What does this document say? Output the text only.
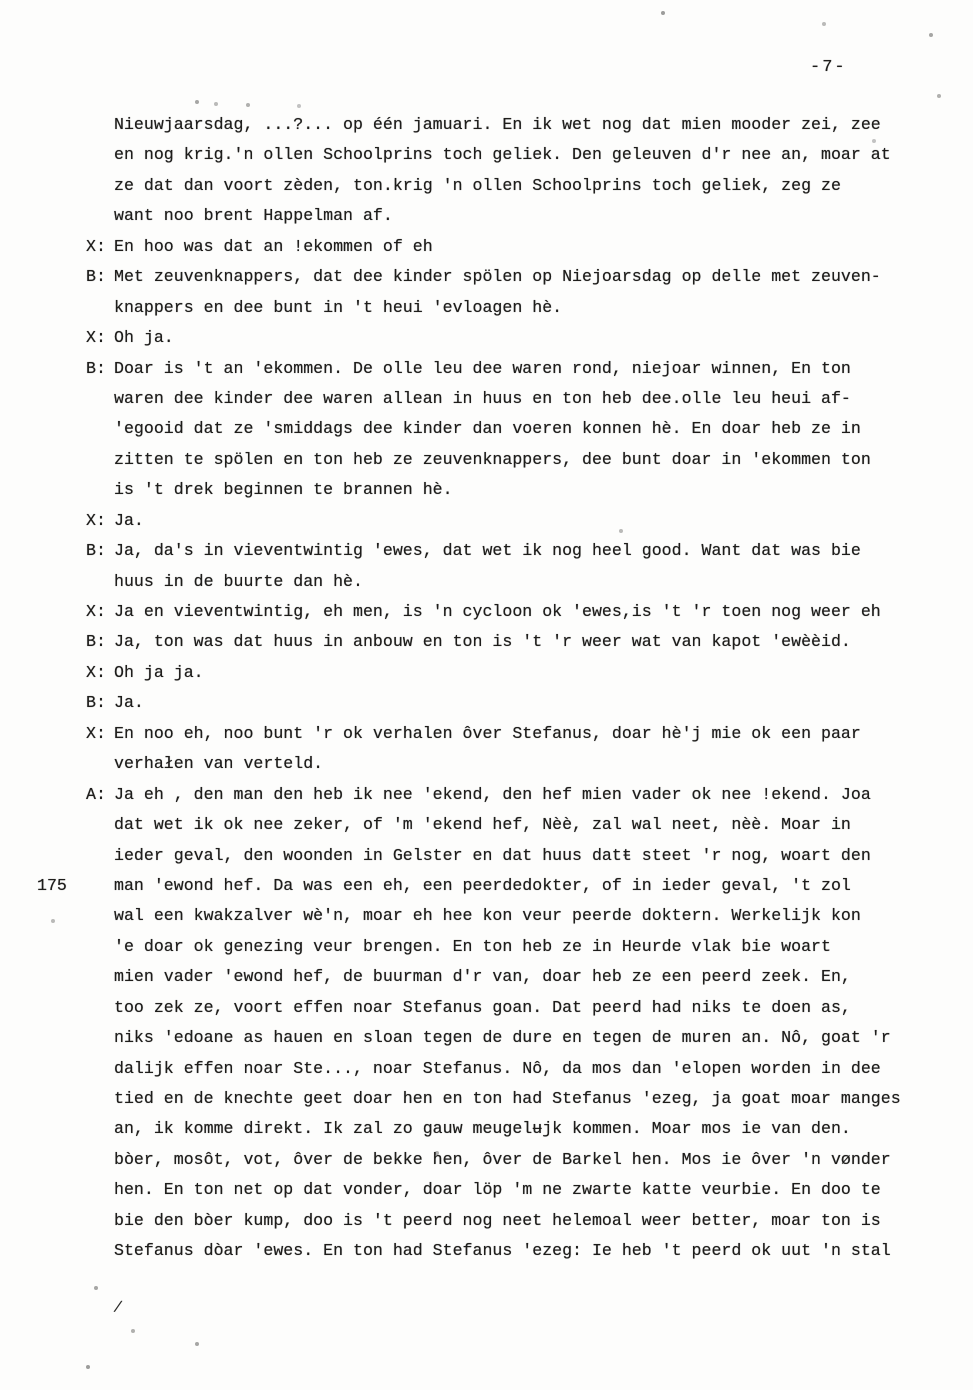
-7-
Nieuwjaarsdag, ...?... op één jamuari. En ik wet nog dat mien mooder zei, zee
en nog krig.'n ollen Schoolprins toch geliek. Den geleuven d'r nee an, moar at
ze dat dan voort zèden, ton.krig 'n ollen Schoolprins toch geliek, zeg ze
want noo brent Happelman af.
X: En hoo was dat an !ekommen of eh
B: Met zeuvenknappers, dat dee kinder spölen op Niejoarsdag op delle met zeuven-
knappers en dee bunt in 't heui 'evloagen hè.
X: Oh ja.
B: Doar is 't an 'ekommen. De olle leu dee waren rond, niejoar winnen, En ton
waren dee kinder dee waren allean in huus en ton heb dee.olle leu heui af-
'egooid dat ze 'smiddags dee kinder dan voeren konnen hè. En doar heb ze in
zitten te spölen en ton heb ze zeuvenknappers, dee bunt doar in 'ekommen ton
is 't drek beginnen te brannen hè.
X: Ja.
B: Ja, da's in vieventwintig 'ewes, dat wet ik nog heel good. Want dat was bie
huus in de buurte dan hè.
X: Ja en vieventwintig, eh men, is 'n cycloon ok 'ewes,is 't 'r toen nog weer eh
B: Ja, ton was dat huus in anbouw en ton is 't 'r weer wat van kapot 'ewèèid.
X: Oh ja ja.
B: Ja.
X: En noo eh, noo bunt 'r ok verhalen ôver Stefanus, doar hè'j mie ok een paar
verhałen van verteld.
A: Ja eh , den man den heb ik nee 'ekend, den hef mien vader ok nee !ekend. Joa
dat wet ik ok nee zeker, of 'm 'ekend hef, Nèè, zal wal neet, nèè. Moar in
ieder geval, den woonden in Gelster en dat huus datŧ steet 'r nog, woart den
175	man 'ewond hef. Da was een eh, een peerdedokter, of in ieder geval, 't zol
wal een kwakzalver wè'n, moar eh hee kon veur peerde doktern. Werkelijk kon
'e doar ok genezing veur brengen. En ton heb ze in Heurde vlak bie woart
mien vader 'ewond hef, de buurman d'r van, doar heb ze een peerd zeek. En,
too zek ze, voort effen noar Stefanus goan. Dat peerd had niks te doen as,
niks 'edoane as hauen en sloan tegen de dure en tegen de muren an. Nô, goat 'r
dalijk effen noar Ste..., noar Stefanus. Nô, da mos dan 'elopen worden in dee
tied en de knechte geet doar hen en ton had Stefanus 'ezeg, ja goat moar manges
an, ik komme direkt. Ik zal zo gauw meugelʉjk kommen. Moar mos ie van den.
bòer, mosôt, vot, ôver de bekke hen, ôver de Barkel hen. Mos ie ôver 'n vønder
hen. En ton net op dat vonder, doar löp 'm ne zwarte katte veurbie. En doo te
bie den bòer kump, doo is 't peerd nog neet helemoal weer better, moar ton is
Stefanus dòar 'ewes. En ton had Stefanus 'ezeg: Ie heb 't peerd ok uut 'n stal
/
